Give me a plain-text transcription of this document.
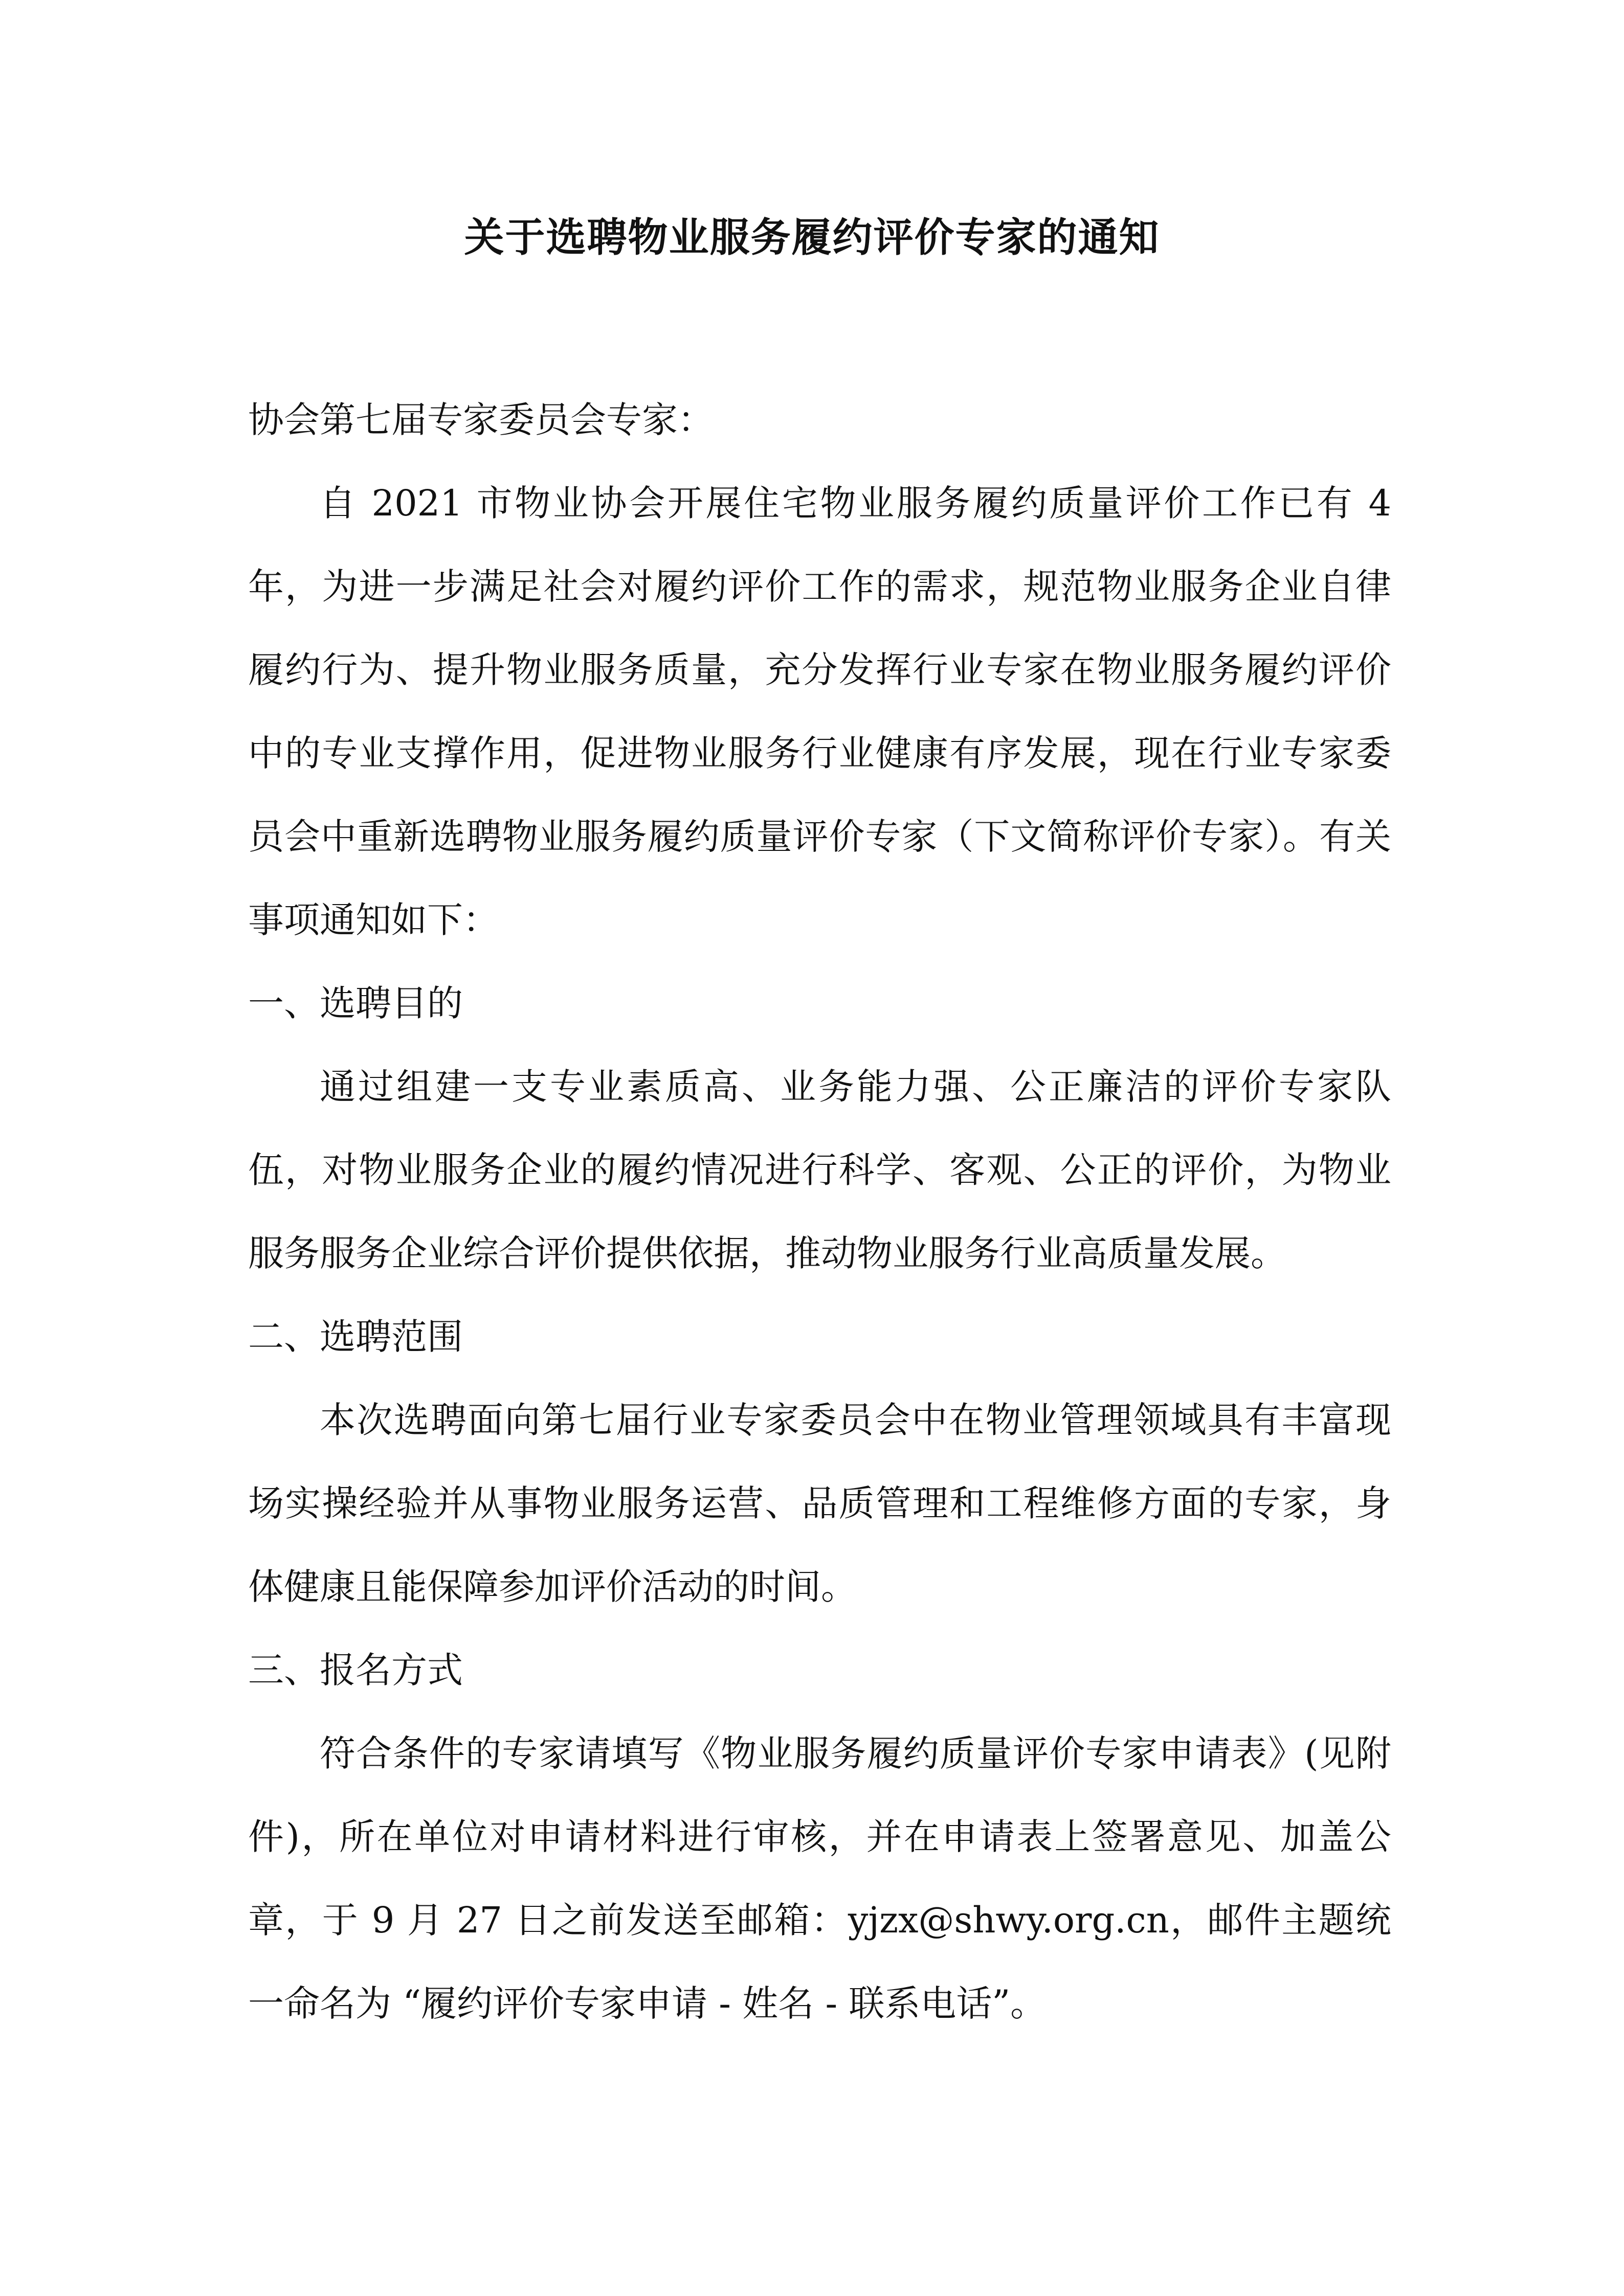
关于选聘物业服务履约评价专家的通知

协会第七届专家委员会专家：

自 2021 市物业协会开展住宅物业服务履约质量评价工作已有 4 年，为进一步满足社会对履约评价工作的需求，规范物业服务企业自律履约行为、提升物业服务质量，充分发挥行业专家在物业服务履约评价中的专业支撑作用，促进物业服务行业健康有序发展，现在行业专家委员会中重新选聘物业服务履约质量评价专家（下文简称评价专家）。有关事项通知如下：

一、选聘目的

通过组建一支专业素质高、业务能力强、公正廉洁的评价专家队伍，对物业服务企业的履约情况进行科学、客观、公正的评价，为物业服务服务企业综合评价提供依据，推动物业服务行业高质量发展。

二、选聘范围

本次选聘面向第七届行业专家委员会中在物业管理领域具有丰富现场实操经验并从事物业服务运营、品质管理和工程维修方面的专家，身体健康且能保障参加评价活动的时间。

三、报名方式

符合条件的专家请填写《物业服务履约质量评价专家申请表》(见附件)，所在单位对申请材料进行审核，并在申请表上签署意见、加盖公章，于 9 月 27 日之前发送至邮箱：yjzx@shwy.org.cn，邮件主题统一命名为 “履约评价专家申请 - 姓名 - 联系电话”。
